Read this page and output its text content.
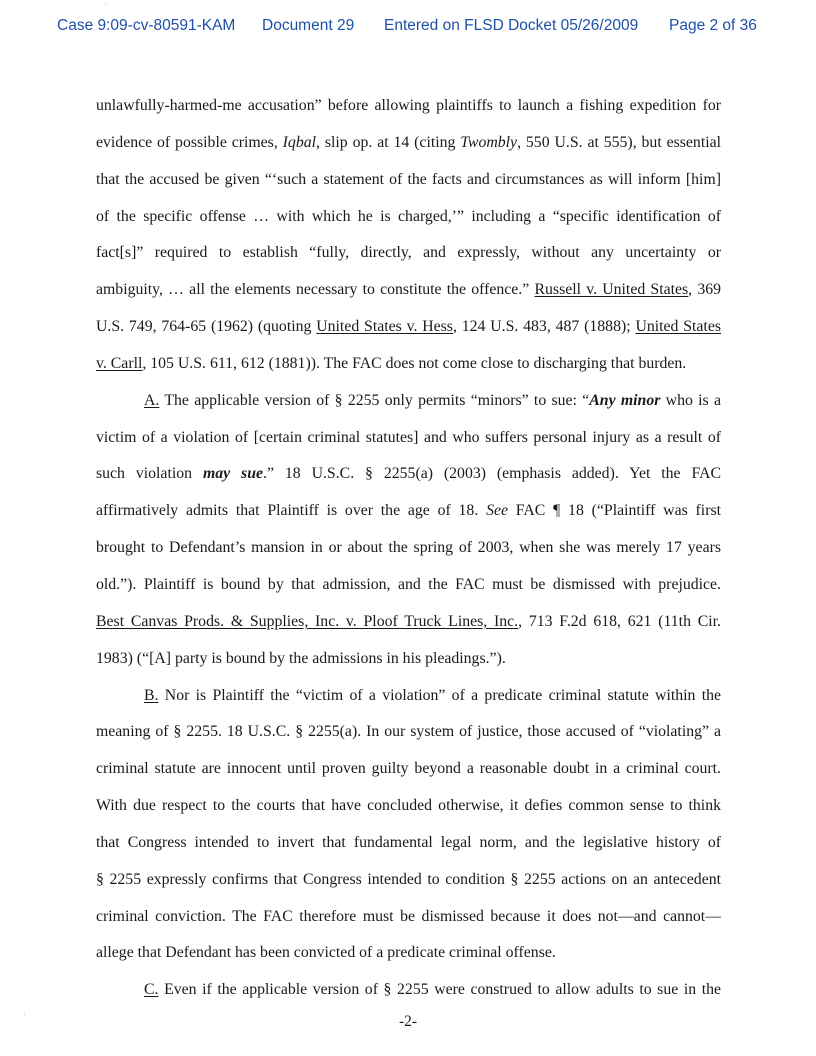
Case 9:09-cv-80591-KAM Document 29 Entered on FLSD Docket 05/26/2009 Page 2 of 36
unlawfully-harmed-me accusation” before allowing plaintiffs to launch a fishing expedition for
evidence of possible crimes, Iqbal, slip op. at 14 (citing Twombly, 550 U.S. at 555), but essential
that the accused be given “‘such a statement of the facts and circumstances as will inform [him]
of the specific offense … with which he is charged,’” including a “specific identification of
fact[s]” required to establish “fully, directly, and expressly, without any uncertainty or
ambiguity, … all the elements necessary to constitute the offence.” Russell v. United States, 369
U.S. 749, 764-65 (1962) (quoting United States v. Hess, 124 U.S. 483, 487 (1888); United States
v. Carll, 105 U.S. 611, 612 (1881)). The FAC does not come close to discharging that burden.
A. The applicable version of § 2255 only permits “minors” to sue: “Any minor who is a
victim of a violation of [certain criminal statutes] and who suffers personal injury as a result of
such violation may sue.” 18 U.S.C. § 2255(a) (2003) (emphasis added). Yet the FAC
affirmatively admits that Plaintiff is over the age of 18. See FAC ¶ 18 (“Plaintiff was first
brought to Defendant’s mansion in or about the spring of 2003, when she was merely 17 years
old.”). Plaintiff is bound by that admission, and the FAC must be dismissed with prejudice.
Best Canvas Prods. & Supplies, Inc. v. Ploof Truck Lines, Inc., 713 F.2d 618, 621 (11th Cir.
1983) (“[A] party is bound by the admissions in his pleadings.”).
B. Nor is Plaintiff the “victim of a violation” of a predicate criminal statute within the
meaning of § 2255. 18 U.S.C. § 2255(a). In our system of justice, those accused of “violating” a
criminal statute are innocent until proven guilty beyond a reasonable doubt in a criminal court.
With due respect to the courts that have concluded otherwise, it defies common sense to think
that Congress intended to invert that fundamental legal norm, and the legislative history of
§ 2255 expressly confirms that Congress intended to condition § 2255 actions on an antecedent
criminal conviction. The FAC therefore must be dismissed because it does not—and cannot—
allege that Defendant has been convicted of a predicate criminal offense.
C. Even if the applicable version of § 2255 were construed to allow adults to sue in the
-2-
